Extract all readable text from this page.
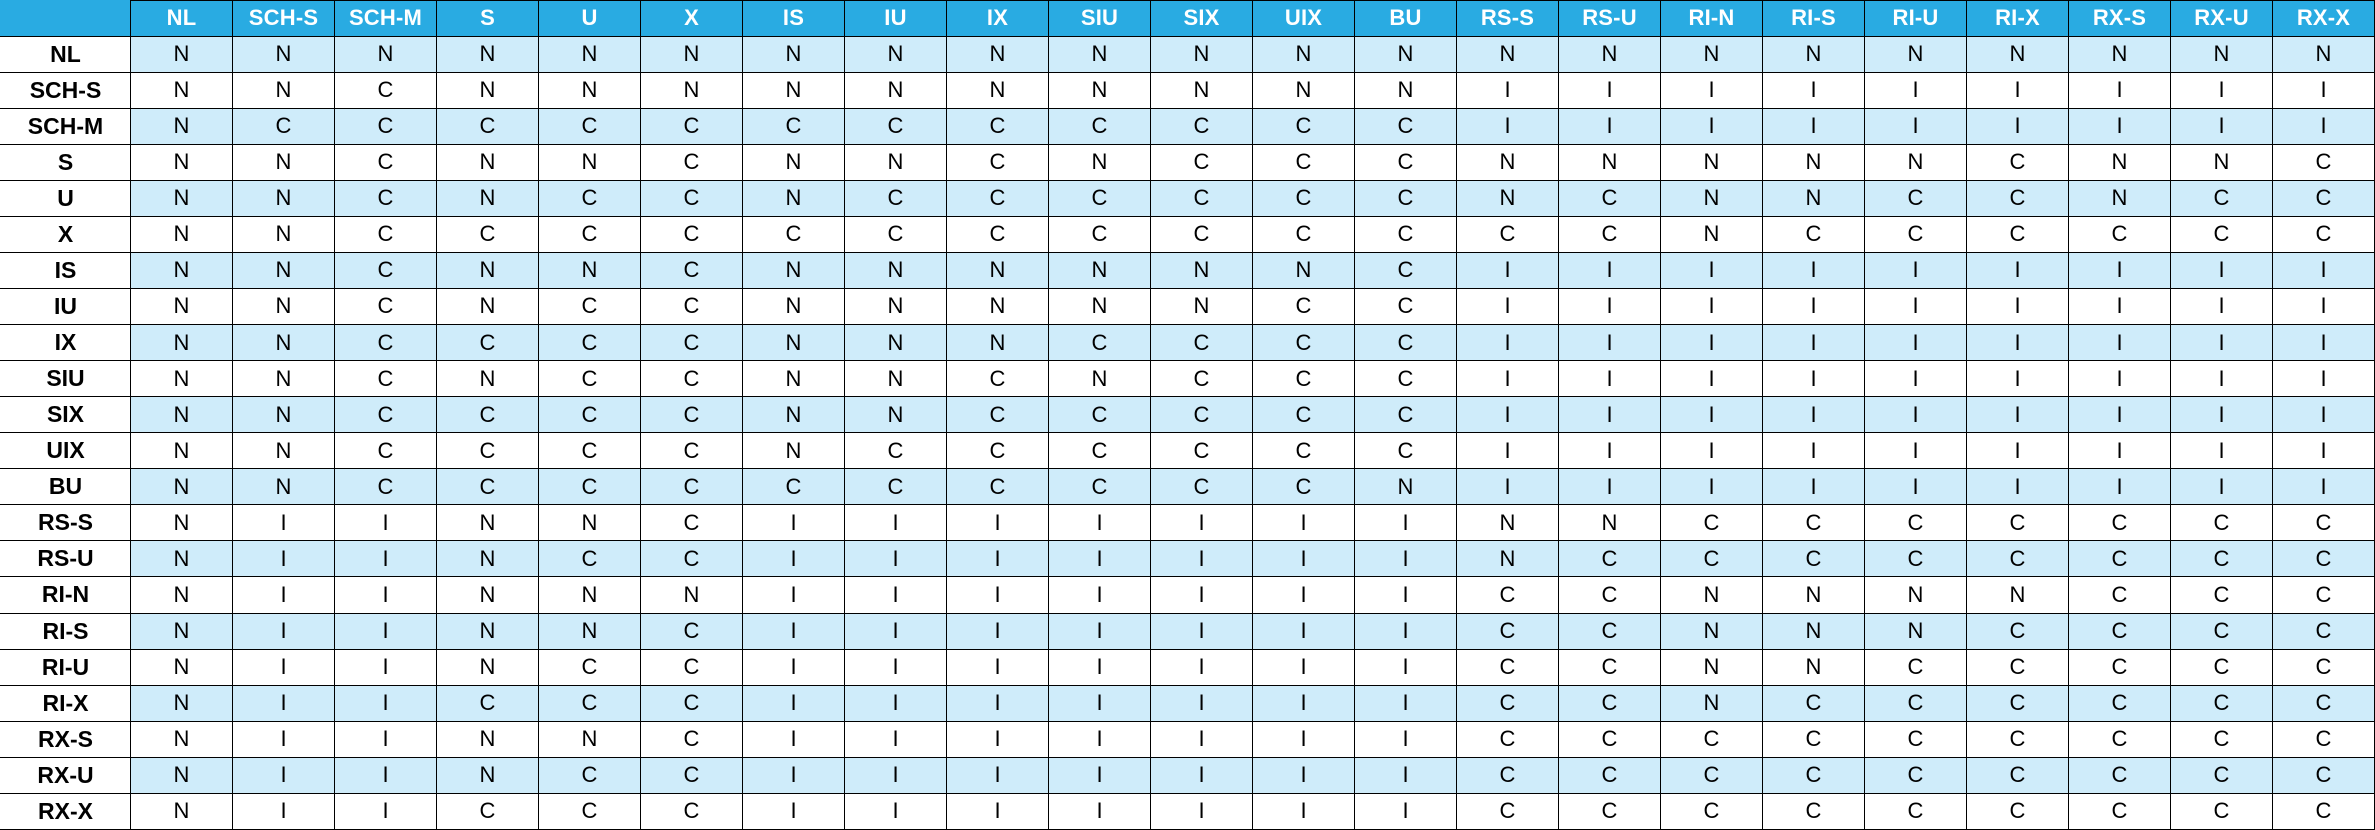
	NL	SCH-S	SCH-M	S	U	X	IS	IU	IX	SIU	SIX	UIX	BU	RS-S	RS-U	RI-N	RI-S	RI-U	RI-X	RX-S	RX-U	RX-X
NL	N	N	N	N	N	N	N	N	N	N	N	N	N	N	N	N	N	N	N	N	N	N
SCH-S	N	N	C	N	N	N	N	N	N	N	N	N	N	I	I	I	I	I	I	I	I	I
SCH-M	N	C	C	C	C	C	C	C	C	C	C	C	C	I	I	I	I	I	I	I	I	I
S	N	N	C	N	N	C	N	N	C	N	C	C	C	N	N	N	N	N	C	N	N	C
U	N	N	C	N	C	C	N	C	C	C	C	C	C	N	C	N	N	C	C	N	C	C
X	N	N	C	C	C	C	C	C	C	C	C	C	C	C	C	N	C	C	C	C	C	C
IS	N	N	C	N	N	C	N	N	N	N	N	N	C	I	I	I	I	I	I	I	I	I
IU	N	N	C	N	C	C	N	N	N	N	N	C	C	I	I	I	I	I	I	I	I	I
IX	N	N	C	C	C	C	N	N	N	C	C	C	C	I	I	I	I	I	I	I	I	I
SIU	N	N	C	N	C	C	N	N	C	N	C	C	C	I	I	I	I	I	I	I	I	I
SIX	N	N	C	C	C	C	N	N	C	C	C	C	C	I	I	I	I	I	I	I	I	I
UIX	N	N	C	C	C	C	N	C	C	C	C	C	C	I	I	I	I	I	I	I	I	I
BU	N	N	C	C	C	C	C	C	C	C	C	C	N	I	I	I	I	I	I	I	I	I
RS-S	N	I	I	N	N	C	I	I	I	I	I	I	I	N	N	C	C	C	C	C	C	C
RS-U	N	I	I	N	C	C	I	I	I	I	I	I	I	N	C	C	C	C	C	C	C	C
RI-N	N	I	I	N	N	N	I	I	I	I	I	I	I	C	C	N	N	N	N	C	C	C
RI-S	N	I	I	N	N	C	I	I	I	I	I	I	I	C	C	N	N	N	C	C	C	C
RI-U	N	I	I	N	C	C	I	I	I	I	I	I	I	C	C	N	N	C	C	C	C	C
RI-X	N	I	I	C	C	C	I	I	I	I	I	I	I	C	C	N	C	C	C	C	C	C
RX-S	N	I	I	N	N	C	I	I	I	I	I	I	I	C	C	C	C	C	C	C	C	C
RX-U	N	I	I	N	C	C	I	I	I	I	I	I	I	C	C	C	C	C	C	C	C	C
RX-X	N	I	I	C	C	C	I	I	I	I	I	I	I	C	C	C	C	C	C	C	C	C
